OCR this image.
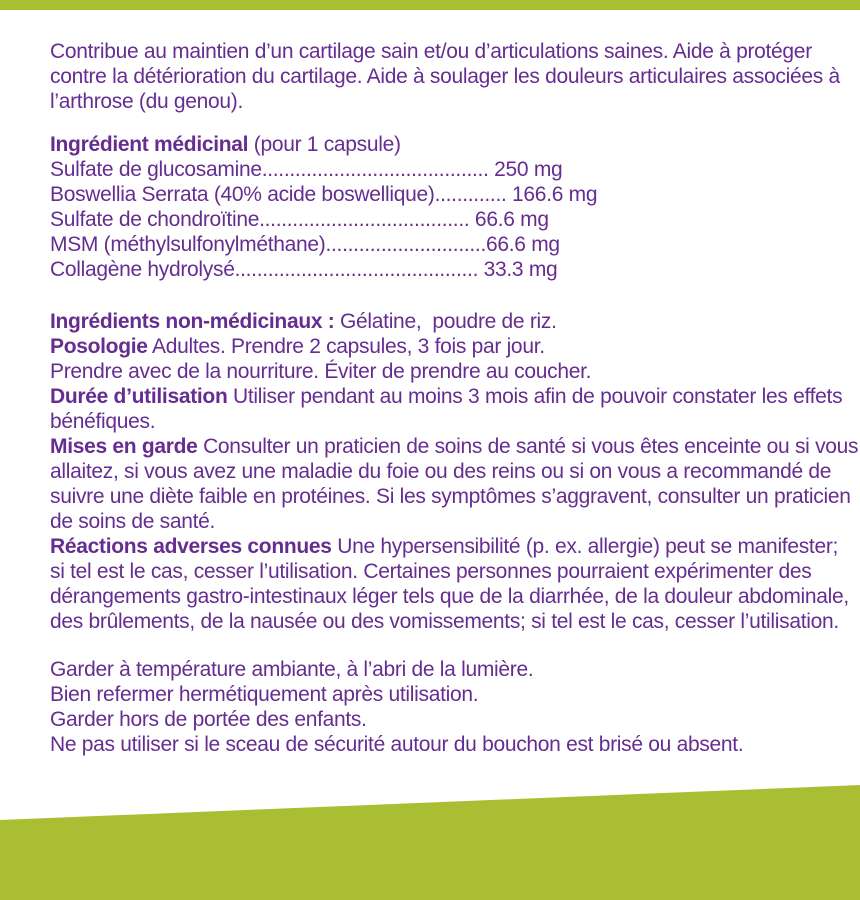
Contribue au maintien d’un cartilage sain et/ou d’articulations saines. Aide à protéger
contre la détérioration du cartilage. Aide à soulager les douleurs articulaires associées à
l’arthrose (du genou).
Ingrédient médicinal (pour 1 capsule)
Sulfate de glucosamine......................................... 250 mg
Boswellia Serrata (40% acide boswellique)............. 166.6 mg
Sulfate de chondroïtine...................................... 66.6 mg
MSM (méthylsulfonylméthane).............................66.6 mg
Collagène hydrolysé............................................ 33.3 mg
Ingrédients non-médicinaux : Gélatine,  poudre de riz.
Posologie Adultes. Prendre 2 capsules, 3 fois par jour.
Prendre avec de la nourriture. Éviter de prendre au coucher.
Durée d’utilisation Utiliser pendant au moins 3 mois afin de pouvoir constater les effets
bénéfiques.
Mises en garde Consulter un praticien de soins de santé si vous êtes enceinte ou si vous
allaitez, si vous avez une maladie du foie ou des reins ou si on vous a recommandé de
suivre une diète faible en protéines. Si les symptômes s’aggravent, consulter un praticien
de soins de santé.
Réactions adverses connues Une hypersensibilité (p. ex. allergie) peut se manifester;
si tel est le cas, cesser l’utilisation. Certaines personnes pourraient expérimenter des
dérangements gastro-intestinaux léger tels que de la diarrhée, de la douleur abdominale,
des brûlements, de la nausée ou des vomissements; si tel est le cas, cesser l’utilisation.
Garder à température ambiante, à l’abri de la lumière.
Bien refermer hermétiquement après utilisation.
Garder hors de portée des enfants.
Ne pas utiliser si le sceau de sécurité autour du bouchon est brisé ou absent.
